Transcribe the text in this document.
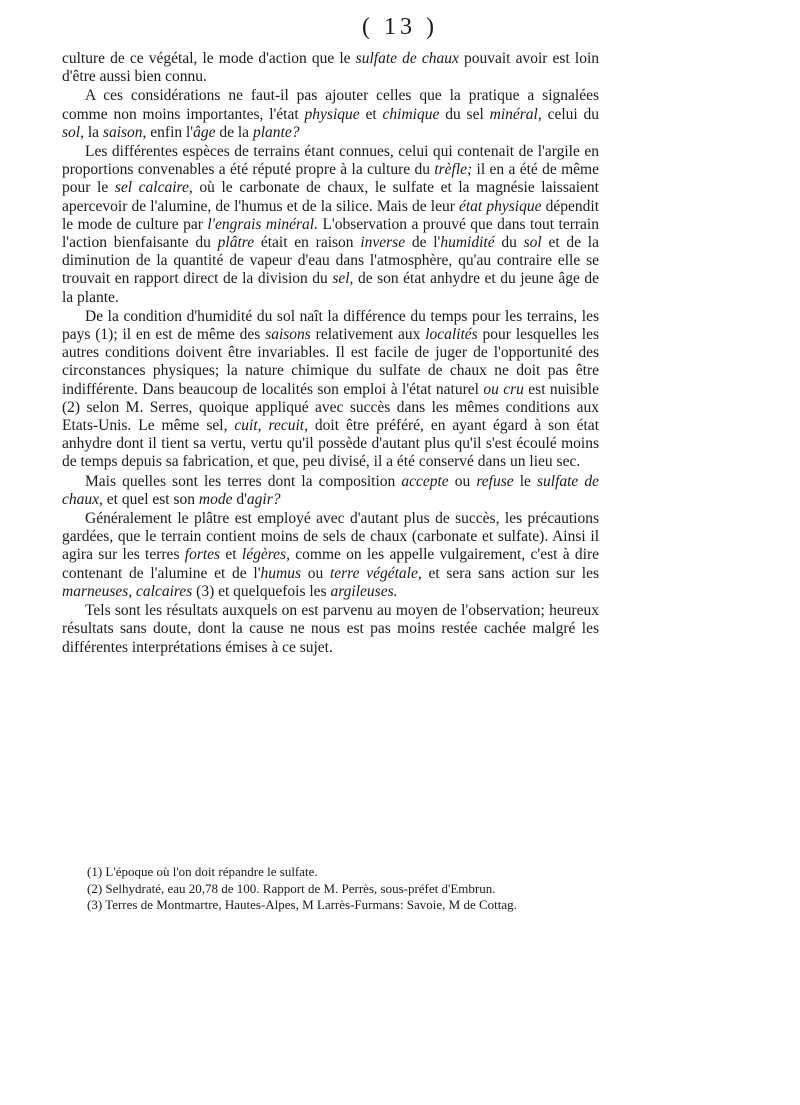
( 13 )

culture de ce végétal, le mode d'action que le sulfate de chaux pouvait avoir est loin d'être aussi bien connu.

A ces considérations ne faut-il pas ajouter celles que la pratique a signalées comme non moins importantes, l'état physique et chimique du sel minéral, celui du sol, la saison, enfin l'âge de la plante?

Les différentes espèces de terrains étant connues, celui qui contenait de l'argile en proportions convenables a été réputé propre à la culture du trèfle; il en a été de même pour le sel calcaire, où le carbonate de chaux, le sulfate et la magnésie laissaient apercevoir de l'alumine, de l'humus et de la silice. Mais de leur état physique dépendit le mode de culture par l'engrais minéral. L'observation a prouvé que dans tout terrain l'action bienfaisante du plâtre était en raison inverse de l'humidité du sol et de la diminution de la quantité de vapeur d'eau dans l'atmosphère, qu'au contraire elle se trouvait en rapport direct de la division du sel, de son état anhydre et du jeune âge de la plante.

De la condition d'humidité du sol naît la différence du temps pour les terrains, les pays (1); il en est de même des saisons relativement aux localités pour lesquelles les autres conditions doivent être invariables. Il est facile de juger de l'opportunité des circonstances physiques; la nature chimique du sulfate de chaux ne doit pas être indifférente. Dans beaucoup de localités son emploi à l'état naturel ou cru est nuisible (2) selon M. Serres, quoique appliqué avec succès dans les mêmes conditions aux Etats-Unis. Le même sel, cuit, recuit, doit être préféré, en ayant égard à son état anhydre dont il tient sa vertu, vertu qu'il possède d'autant plus qu'il s'est écoulé moins de temps depuis sa fabrication, et que, peu divisé, il a été conservé dans un lieu sec.

Mais quelles sont les terres dont la composition accepte ou refuse le sulfate de chaux, et quel est son mode d'agir?

Généralement le plâtre est employé avec d'autant plus de succès, les précautions gardées, que le terrain contient moins de sels de chaux (carbonate et sulfate). Ainsi il agira sur les terres fortes et légères, comme on les appelle vulgairement, c'est à dire contenant de l'alumine et de l'humus ou terre végétale, et sera sans action sur les marneuses, calcaires (3) et quelquefois les argileuses.

Tels sont les résultats auxquels on est parvenu au moyen de l'observation; heureux résultats sans doute, dont la cause ne nous est pas moins restée cachée malgré les différentes interprétations émises à ce sujet.

(1) L'époque où l'on doit répandre le sulfate.

(2) Selhydraté, eau 20,78 de 100. Rapport de M. Perrès, sous-préfet d'Embrun.

(3) Terres de Montmartre, Hautes-Alpes, M Larrès-Furmans: Savoie, M de Cottag.
